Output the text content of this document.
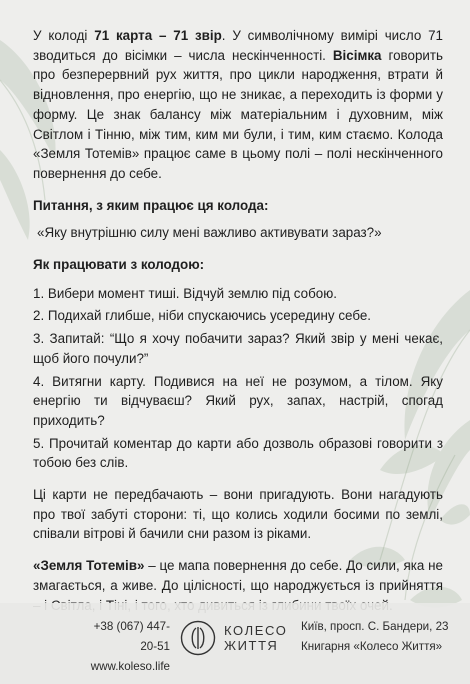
У колоді 71 карта – 71 звір. У символічному вимірі число 71 зводиться до вісімки – числа нескінченності. Вісімка говорить про безперервний рух життя, про цикли народження, втрати й відновлення, про енергію, що не зникає, а переходить із форми у форму. Це знак балансу між матеріальним і духовним, між Світлом і Тінню, між тим, ким ми були, і тим, ким стаємо. Колода «Земля Тотемів» працює саме в цьому полі – полі нескінченного повернення до себе.

Питання, з яким працює ця колода:

«Яку внутрішню силу мені важливо активувати зараз?»

Як працювати з колодою:

1. Вибери момент тиші. Відчуй землю під собою.

2. Подихай глибше, ніби спускаючись усередину себе.

3. Запитай: “Що я хочу побачити зараз? Який звір у мені чекає, щоб його почули?”

4. Витягни карту. Подивися на неї не розумом, а тілом. Яку енергію ти відчуваєш? Який рух, запах, настрій, спогад приходить?

5. Прочитай коментар до карти або дозволь образові говорити з тобою без слів.

Ці карти не передбачають – вони пригадують. Вони нагадують про твої забуті сторони: ті, що колись ходили босими по землі, співали вітрові й бачили сни разом із ріками.

«Земля Тотемів» – це мапа повернення до себе. До сили, яка не змагається, а живе. До цілісності, що народжується із прийняття

+38 (067) 447-20-51
www.koleso.life
КОЛЕСО
ЖИТТЯ
Київ, просп. С. Бандери, 23
Книгарня «Колесо Життя»
